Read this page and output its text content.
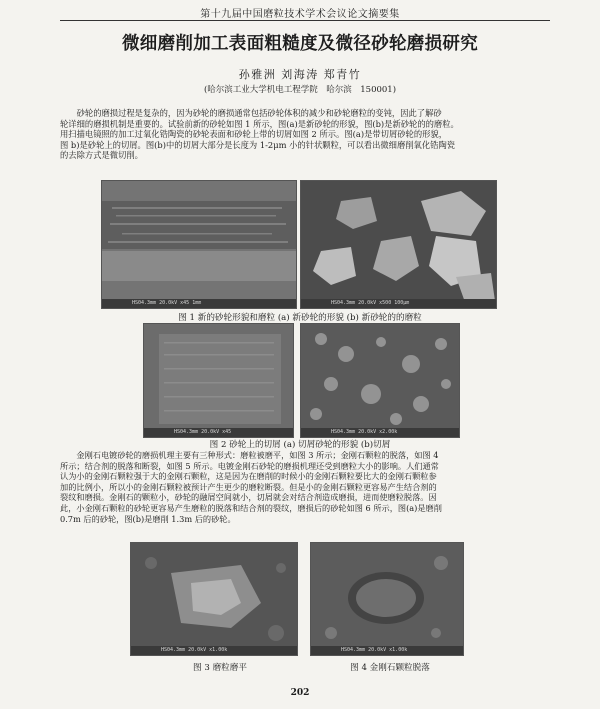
第十九届中国磨粒技术学术会议论文摘要集
微细磨削加工表面粗糙度及微径砂轮磨损研究
孙雅洲 刘海涛 郑青竹
(哈尔滨工业大学机电工程学院　哈尔滨　150001)
　　砂轮的磨损过程是复杂的，因为砂轮的磨损通常包括砂轮体积的减少和砂轮磨粒的变钝，因此了解砂
轮详细的磨损机制是重要的。试验前新的砂轮如图 1 所示，图(a)是新砂轮的形貌，图(b)是新砂轮的的磨粒。
用扫描电镜照的加工过氧化锆陶瓷的砂轮表面和砂轮上带的切屑如图 2 所示。图(a)是带切屑砂轮的形貌，
图 b)是砂轮上的切屑。图(b)中的切屑大部分是长度为 1-2μm 小的针状颗粒，可以看出微细磨削氧化锆陶瓷
的去除方式是微切削。
HS04.3mm 20.0kV x45 1mm	HS04.3mm 20.0kV x500 100μm
图 1 新的砂轮形貌和磨粒 (a) 新砂轮的形貌 (b) 新砂轮的的磨粒
HS04.3mm 20.0kV x45	HS04.3mm 20.0kV x2.00k
图 2 砂轮上的切屑 (a) 切屑砂轮的形貌 (b)切屑
　　金刚石电镀砂轮的磨损机理主要有三种形式：磨粒被磨平，如图 3 所示；金刚石颗粒的脱落，如图 4
所示；结合剂的脱落和断裂，如图 5 所示。电镀金刚石砂轮的磨损机理还受到磨粒大小的影响。人们通常
认为小的金刚石颗粒强于大的金刚石颗粒，这是因为在磨削的时候小的金刚石颗粒要比大的金刚石颗粒参
加的比例小，所以小的金刚石颗粒被预计产生更少的磨粒断裂。但是小的金刚石颗粒更容易产生结合剂的
裂纹和磨损。金刚石的颗粒小，砂轮的融屑空间就小，切屑就会对结合剂造成磨损，进而使磨粒脱落。因
此，小金刚石颗粒的砂轮更容易产生磨粒的脱落和结合剂的裂纹，磨损后的砂轮如图 6 所示，图(a)是磨削
0.7m 后的砂轮，图(b)是磨削 1.3m 后的砂轮。
HS04.3mm 20.0kV x1.00k	HS04.3mm 20.0kV x1.00k
图 3 磨粒磨平	图 4 金刚石颗粒脱落
202
